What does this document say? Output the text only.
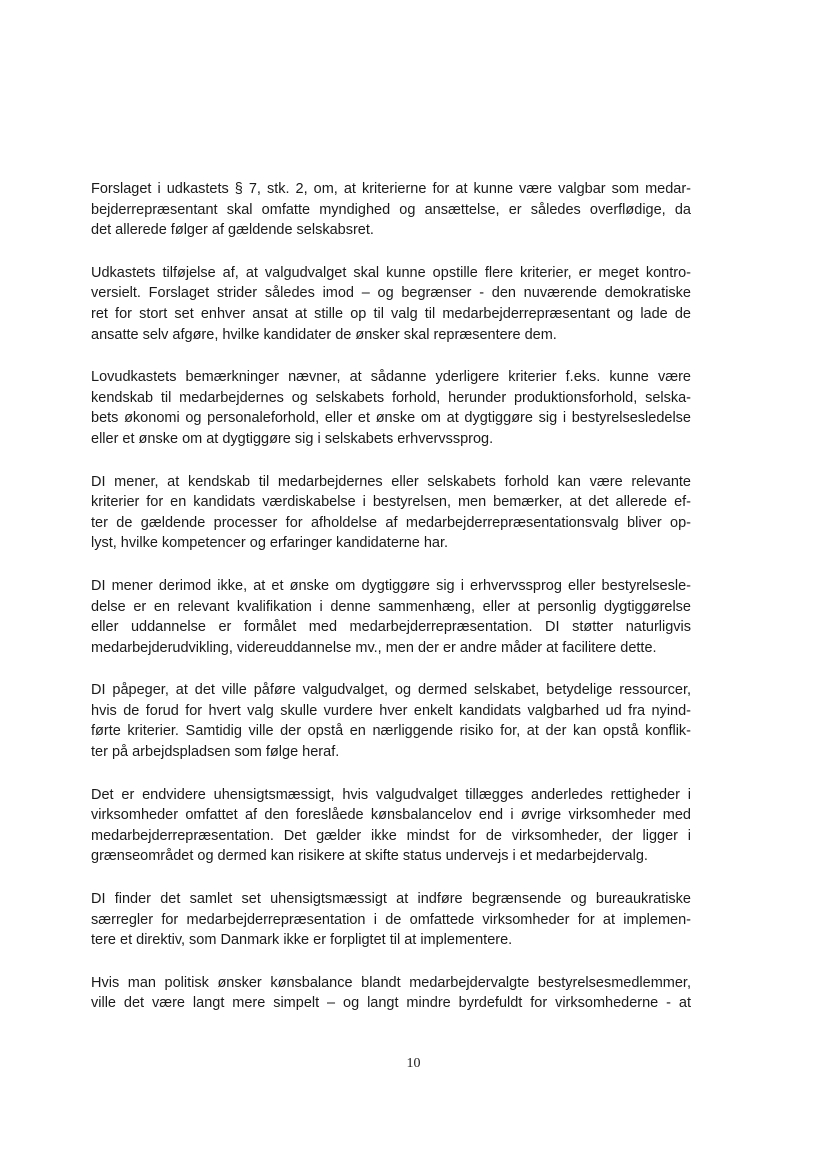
Forslaget i udkastets § 7, stk. 2, om, at kriterierne for at kunne være valgbar som medar-
bejderrepræsentant skal omfatte myndighed og ansættelse, er således overflødige, da
det allerede følger af gældende selskabsret.
Udkastets tilføjelse af, at valgudvalget skal kunne opstille flere kriterier, er meget kontro-
versielt. Forslaget strider således imod – og begrænser - den nuværende demokratiske
ret for stort set enhver ansat at stille op til valg til medarbejderrepræsentant og lade de
ansatte selv afgøre, hvilke kandidater de ønsker skal repræsentere dem.
Lovudkastets bemærkninger nævner, at sådanne yderligere kriterier f.eks. kunne være
kendskab til medarbejdernes og selskabets forhold, herunder produktionsforhold, selska-
bets økonomi og personaleforhold, eller et ønske om at dygtiggøre sig i bestyrelsesledelse
eller et ønske om at dygtiggøre sig i selskabets erhvervssprog.
DI mener, at kendskab til medarbejdernes eller selskabets forhold kan være relevante
kriterier for en kandidats værdiskabelse i bestyrelsen, men bemærker, at det allerede ef-
ter de gældende processer for afholdelse af medarbejderrepræsentationsvalg bliver op-
lyst, hvilke kompetencer og erfaringer kandidaterne har.
DI mener derimod ikke, at et ønske om dygtiggøre sig i erhvervssprog eller bestyrelsesle-
delse er en relevant kvalifikation i denne sammenhæng, eller at personlig dygtiggørelse
eller uddannelse er formålet med medarbejderrepræsentation. DI støtter naturligvis
medarbejderudvikling, videreuddannelse mv., men der er andre måder at facilitere dette.
DI påpeger, at det ville påføre valgudvalget, og dermed selskabet, betydelige ressourcer,
hvis de forud for hvert valg skulle vurdere hver enkelt kandidats valgbarhed ud fra nyind-
førte kriterier. Samtidig ville der opstå en nærliggende risiko for, at der kan opstå konflik-
ter på arbejdspladsen som følge heraf.
Det er endvidere uhensigtsmæssigt, hvis valgudvalget tillægges anderledes rettigheder i
virksomheder omfattet af den foreslåede kønsbalancelov end i øvrige virksomheder med
medarbejderrepræsentation. Det gælder ikke mindst for de virksomheder, der ligger i
grænseområdet og dermed kan risikere at skifte status undervejs i et medarbejdervalg.
DI finder det samlet set uhensigtsmæssigt at indføre begrænsende og bureaukratiske
særregler for medarbejderrepræsentation i de omfattede virksomheder for at implemen-
tere et direktiv, som Danmark ikke er forpligtet til at implementere.
Hvis man politisk ønsker kønsbalance blandt medarbejdervalgte bestyrelsesmedlemmer,
ville det være langt mere simpelt – og langt mindre byrdefuldt for virksomhederne - at
10
